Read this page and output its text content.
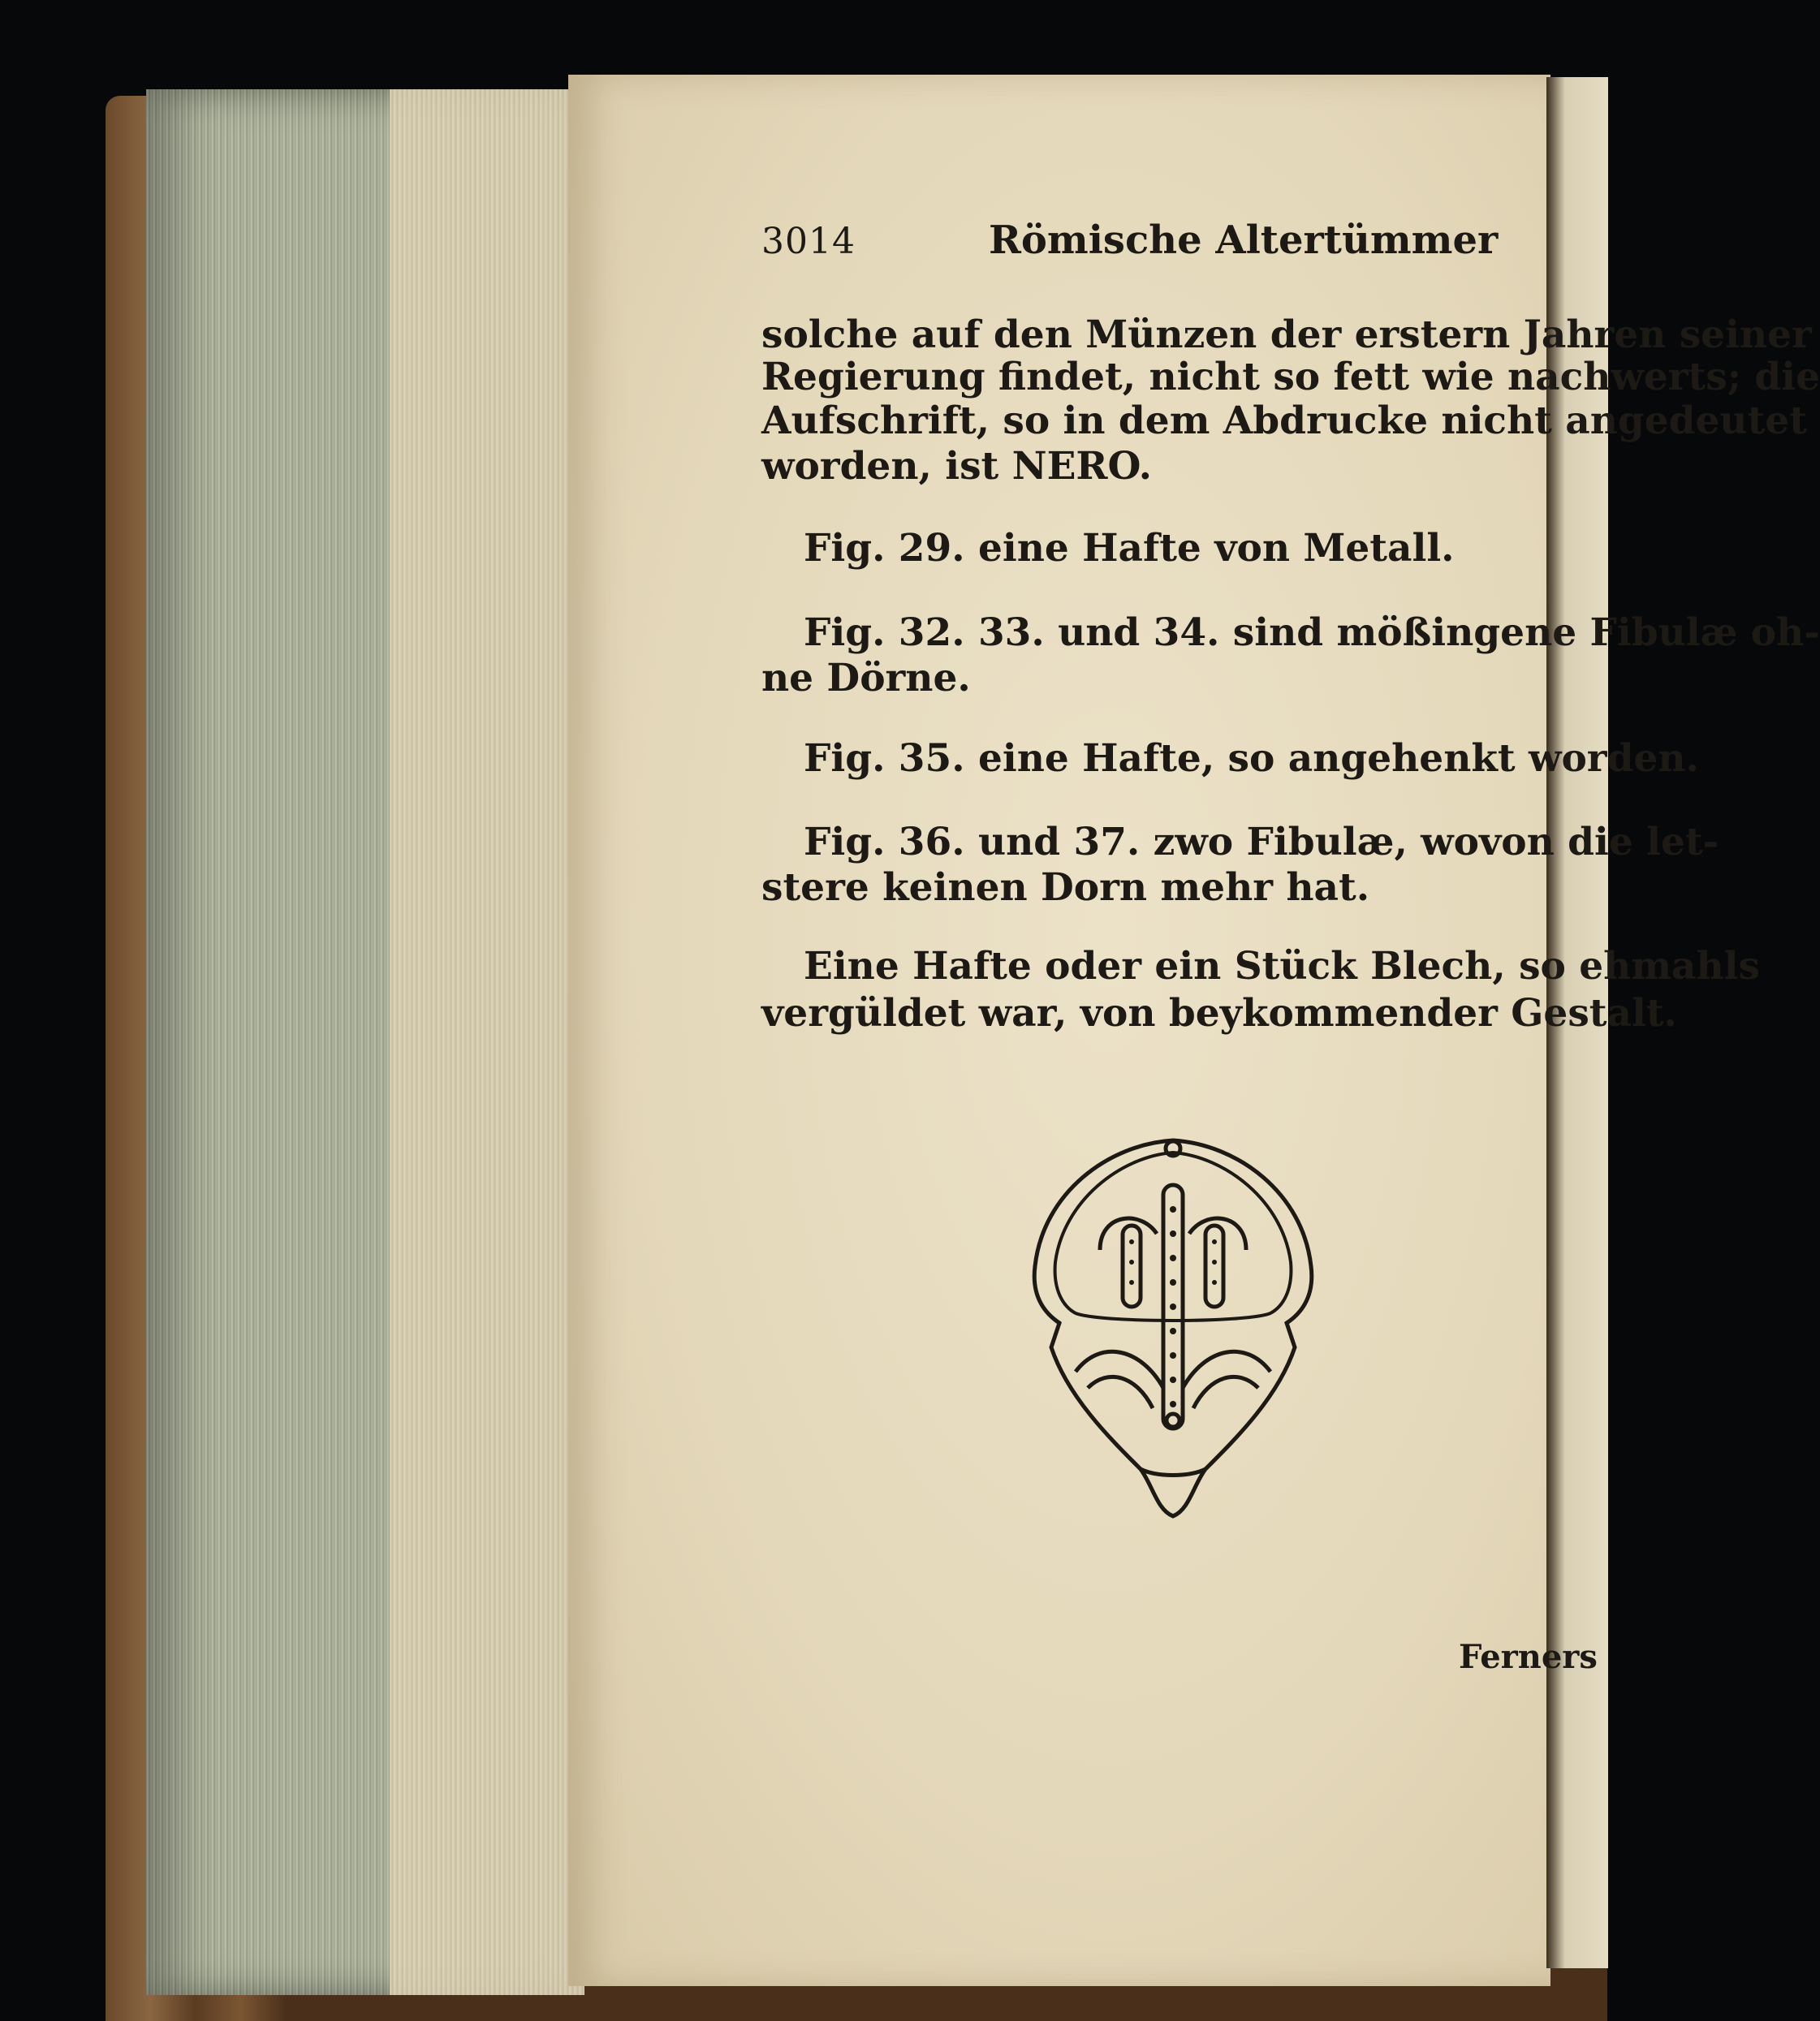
3014	Römische Altertümmer
solche auf den Münzen der erstern Jahren seiner
Regierung findet, nicht so fett wie nachwerts; die
Aufschrift, so in dem Abdrucke nicht angedeutet
worden, ist NERO.
Fig. 29. eine Hafte von Metall.
Fig. 32. 33. und 34. sind mößingene Fibulæ oh-
ne Dörne.
Fig. 35. eine Hafte, so angehenkt worden.
Fig. 36. und 37. zwo Fibulæ, wovon die let-
stere keinen Dorn mehr hat.
Eine Hafte oder ein Stück Blech, so ehmahls
vergüldet war, von beykommender Gestalt.
Ferners
